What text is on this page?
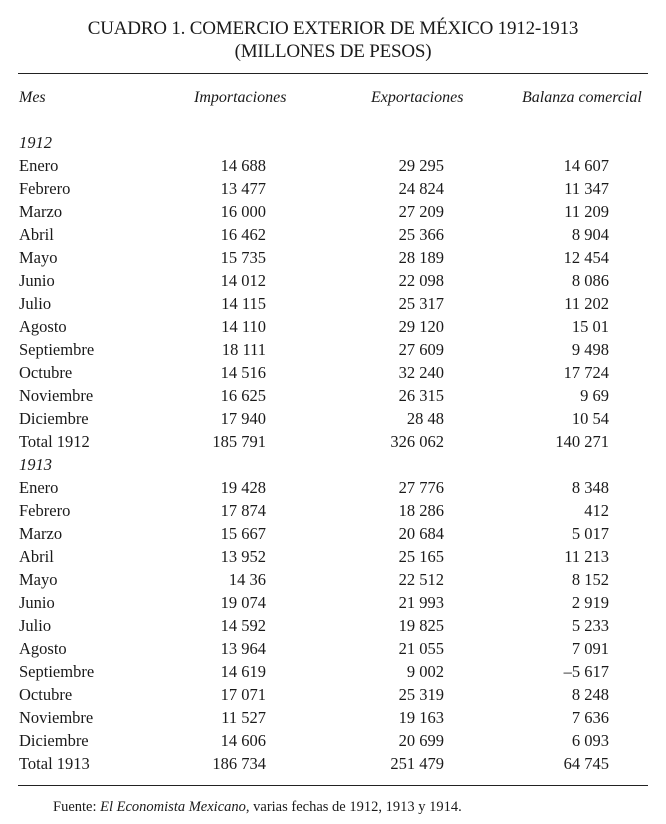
CUADRO 1. COMERCIO EXTERIOR DE MÉXICO 1912-1913
(MILLONES DE PESOS)
Mes	Importaciones	Exportaciones	Balanza comercial
1912
Enero	14 688	29 295	14 607
Febrero	13 477	24 824	11 347
Marzo	16 000	27 209	11 209
Abril	16 462	25 366	8 904
Mayo	15 735	28 189	12 454
Junio	14 012	22 098	8 086
Julio	14 115	25 317	11 202
Agosto	14 110	29 120	15 01
Septiembre	18 111	27 609	9 498
Octubre	14 516	32 240	17 724
Noviembre	16 625	26 315	9 69
Diciembre	17 940	28 48	10 54
Total 1912	185 791	326 062	140 271
1913
Enero	19 428	27 776	8 348
Febrero	17 874	18 286	412
Marzo	15 667	20 684	5 017
Abril	13 952	25 165	11 213
Mayo	14 36	22 512	8 152
Junio	19 074	21 993	2 919
Julio	14 592	19 825	5 233
Agosto	13 964	21 055	7 091
Septiembre	14 619	9 002	–5 617
Octubre	17 071	25 319	8 248
Noviembre	11 527	19 163	7 636
Diciembre	14 606	20 699	6 093
Total 1913	186 734	251 479	64 745
Fuente: El Economista Mexicano, varias fechas de 1912, 1913 y 1914.
